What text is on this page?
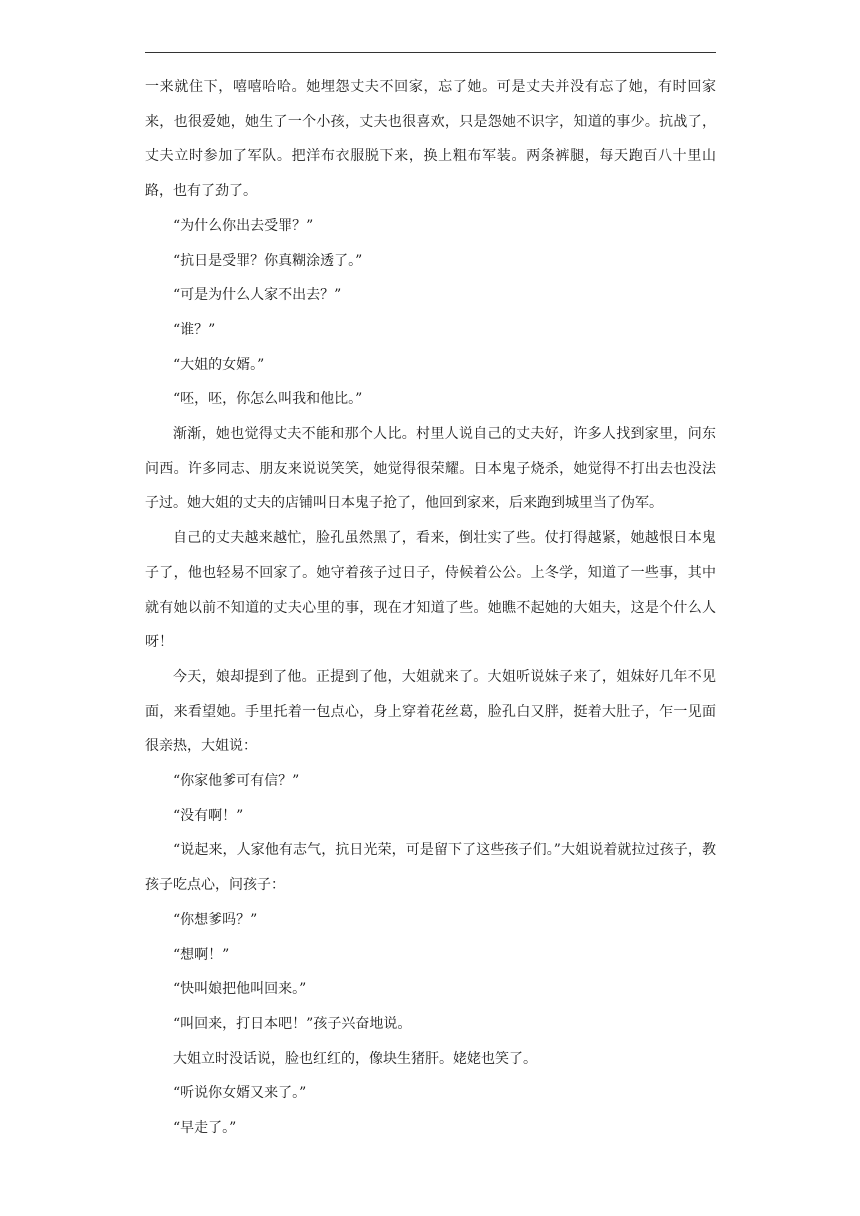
一来就住下，嘻嘻哈哈。她埋怨丈夫不回家，忘了她。可是丈夫并没有忘了她，有时回家来，也很爱她，她生了一个小孩，丈夫也很喜欢，只是怨她不识字，知道的事少。抗战了，丈夫立时参加了军队。把洋布衣服脱下来，换上粗布军装。两条裤腿，每天跑百八十里山路，也有了劲了。

“为什么你出去受罪？”

“抗日是受罪？你真糊涂透了。”

“可是为什么人家不出去？”

“谁？”

“大姐的女婿。”

“呸，呸，你怎么叫我和他比。”

渐渐，她也觉得丈夫不能和那个人比。村里人说自己的丈夫好，许多人找到家里，问东问西。许多同志、朋友来说说笑笑，她觉得很荣耀。日本鬼子烧杀，她觉得不打出去也没法子过。她大姐的丈夫的店铺叫日本鬼子抢了，他回到家来，后来跑到城里当了伪军。

自己的丈夫越来越忙，脸孔虽然黑了，看来，倒壮实了些。仗打得越紧，她越恨日本鬼子了，他也轻易不回家了。她守着孩子过日子，侍候着公公。上冬学，知道了一些事，其中就有她以前不知道的丈夫心里的事，现在才知道了些。她瞧不起她的大姐夫，这是个什么人呀！

今天，娘却提到了他。正提到了他，大姐就来了。大姐听说妹子来了，姐妹好几年不见面，来看望她。手里托着一包点心，身上穿着花丝葛，脸孔白又胖，挺着大肚子，乍一见面很亲热，大姐说：

“你家他爹可有信？”

“没有啊！”

“说起来，人家他有志气，抗日光荣，可是留下了这些孩子们。”大姐说着就拉过孩子，教孩子吃点心，问孩子：

“你想爹吗？”

“想啊！”

“快叫娘把他叫回来。”

“叫回来，打日本吧！”孩子兴奋地说。

大姐立时没话说，脸也红红的，像块生猪肝。姥姥也笑了。

“听说你女婿又来了。”

“早走了。”
